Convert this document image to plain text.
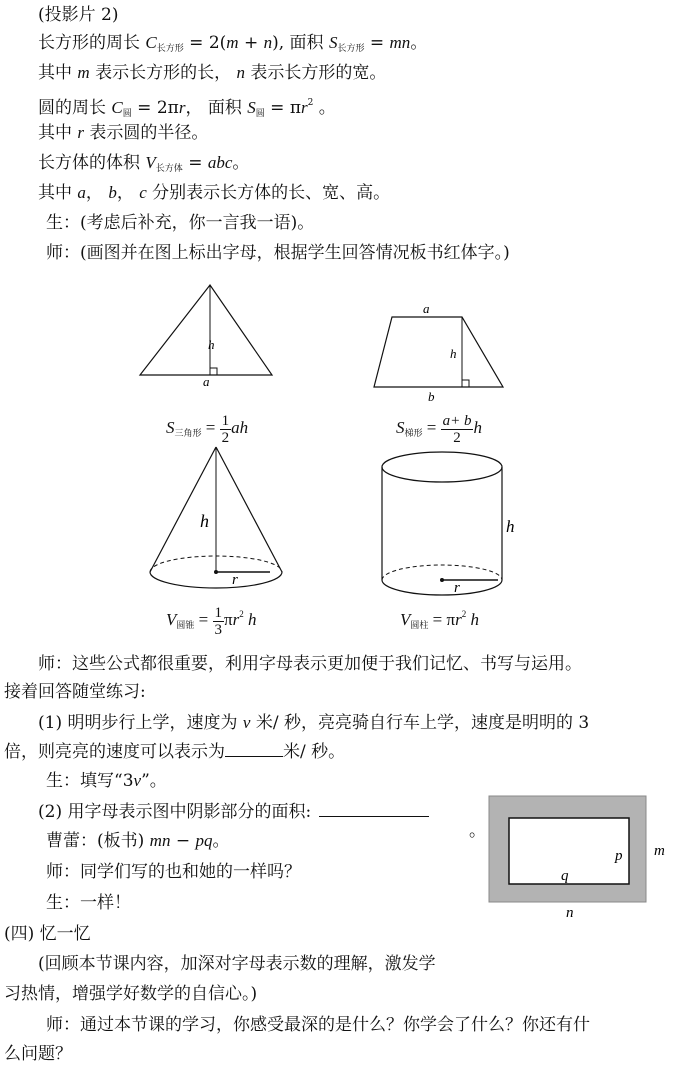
(投影片 2)
长方形的周长 $C_{长方形} = 2(m + n)$, 面积 $S_{长方形}$ = mn。
其中 m 表示长方形的长， n 表示长方形的宽。
圆的周长 $C_圆 = 2\pi r$， 面积 $S_圆 = \pi r^2$ 。
其中 r 表示圆的半径。
长方体的体积 $V_{长方体}$ = abc。
其中 a， b， c 分别表示长方体的长、宽、高。
生：(考虑后补充，你一言我一语)。
师：(画图并在图上标出字母，根据学生回答情况板书红体字。)
h
a
a
h
b
h
r
h
r
p
q
m
n
$S_{三角形} = \frac{1}{2}$ ah	$S_{梯形} = \frac{a+ b}{2}$ h
$V_{圆锥} = \frac{1}{3} \pi r^2$ h	$V_{圆柱} = \pi r^2$ h
师：这些公式都很重要，利用字母表示更加便于我们记忆、书写与运用。
接着回答随堂练习:
(1) 明明步行上学，速度为 v 米/ 秒，亮亮骑自行车上学，速度是明明的 3
倍，则亮亮的速度可以表示为	米/ 秒。
生：填写“3v”。
(2) 用字母表示图中阴影部分的面积:
。
曹蕾：(板书) mn − pq。
师：同学们写的也和她的一样吗？
生：一样！
(四) 忆一忆
(回顾本节课内容，加深对字母表示数的理解，激发学
习热情，增强学好数学的自信心。)
师：通过本节课的学习，你感受最深的是什么？你学会了什么？你还有什
么问题？
